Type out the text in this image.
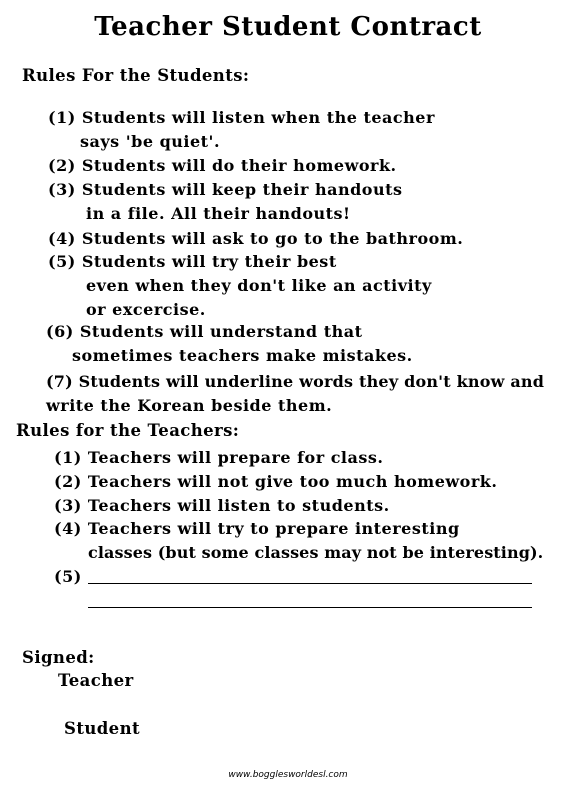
Teacher Student Contract
Rules For the Students:
(1) Students will listen when the teacher
says 'be quiet'.
(2) Students will do their homework.
(3) Students will keep their handouts
in a file. All their handouts!
(4) Students will ask to go to the bathroom.
(5) Students will try their best
even when they don't like an activity
or excercise.
(6) Students will understand that
sometimes teachers make mistakes.
(7) Students will underline words they don't know and
write the Korean beside them.
Rules for the Teachers:
(1) Teachers will prepare for class.
(2) Teachers will not give too much homework.
(3) Teachers will listen to students.
(4) Teachers will try to prepare interesting
classes (but some classes may not be interesting).
(5)
Signed:
Teacher
Student
www.bogglesworldesl.com
